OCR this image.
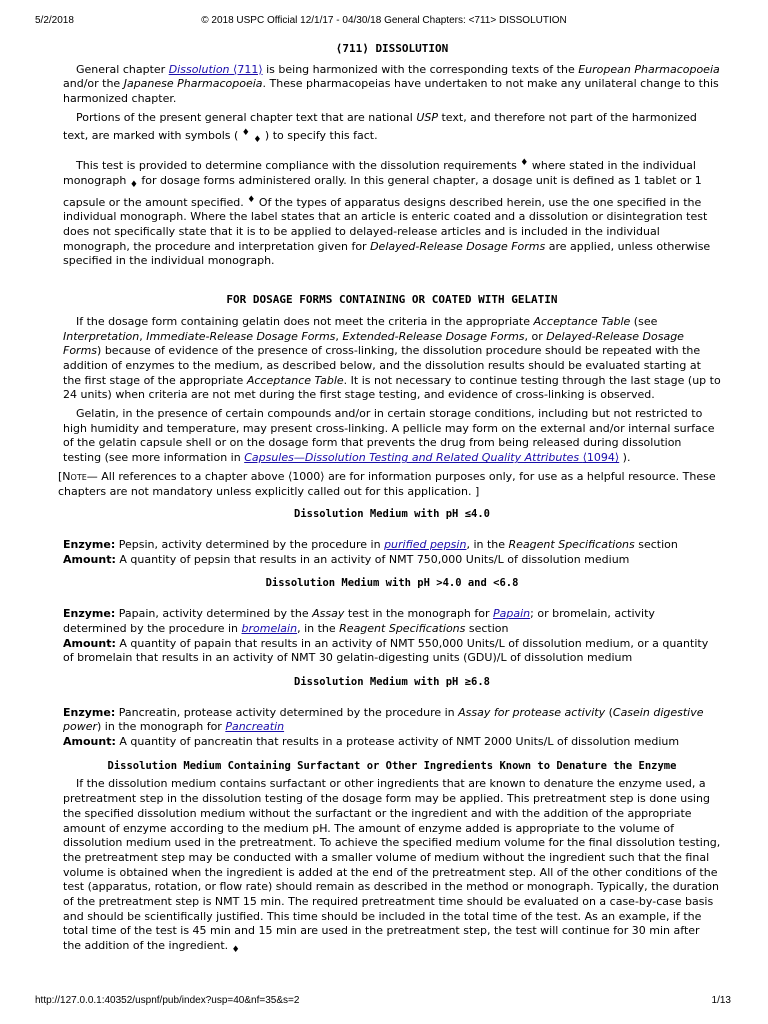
5/2/2018	© 2018 USPC Official 12/1/17 - 04/30/18 General Chapters: <711> DISSOLUTION
⟨711⟩ DISSOLUTION

General chapter Dissolution ⟨711⟩ is being harmonized with the corresponding texts of the European Pharmacopoeia and/or the Japanese Pharmacopoeia. These pharmacopeias have undertaken to not make any unilateral change to this harmonized chapter.

Portions of the present general chapter text that are national USP text, and therefore not part of the harmonized text, are marked with symbols ( ♦ $_♦$ ) to specify this fact.

This test is provided to determine compliance with the dissolution requirements ♦ where stated in the individual monograph $_♦$ for dosage forms administered orally. In this general chapter, a dosage unit is defined as 1 tablet or 1 capsule or the amount specified. ♦ Of the types of apparatus designs described herein, use the one specified in the individual monograph. Where the label states that an article is enteric coated and a dissolution or disintegration test does not specifically state that it is to be applied to delayed-release articles and is included in the individual monograph, the procedure and interpretation given for Delayed-Release Dosage Forms are applied, unless otherwise specified in the individual monograph.

FOR DOSAGE FORMS CONTAINING OR COATED WITH GELATIN

If the dosage form containing gelatin does not meet the criteria in the appropriate Acceptance Table (see Interpretation, Immediate-Release Dosage Forms, Extended-Release Dosage Forms, or Delayed-Release Dosage Forms) because of evidence of the presence of cross-linking, the dissolution procedure should be repeated with the addition of enzymes to the medium, as described below, and the dissolution results should be evaluated starting at the first stage of the appropriate Acceptance Table. It is not necessary to continue testing through the last stage (up to 24 units) when criteria are not met during the first stage testing, and evidence of cross-linking is observed.

Gelatin, in the presence of certain compounds and/or in certain storage conditions, including but not restricted to high humidity and temperature, may present cross-linking. A pellicle may form on the external and/or internal surface of the gelatin capsule shell or on the dosage form that prevents the drug from being released during dissolution testing (see more information in Capsules—Dissolution Testing and Related Quality Attributes ⟨1094⟩ ).

[Note— All references to a chapter above ⟨1000⟩ are for information purposes only, for use as a helpful resource. These chapters are not mandatory unless explicitly called out for this application. ]

Dissolution Medium with pH ≤4.0

Enzyme: Pepsin, activity determined by the procedure in purified pepsin, in the Reagent Specifications section

Amount: A quantity of pepsin that results in an activity of NMT 750,000 Units/L of dissolution medium

Dissolution Medium with pH >4.0 and <6.8

Enzyme: Papain, activity determined by the Assay test in the monograph for Papain; or bromelain, activity determined by the procedure in bromelain, in the Reagent Specifications section

Amount: A quantity of papain that results in an activity of NMT 550,000 Units/L of dissolution medium, or a quantity of bromelain that results in an activity of NMT 30 gelatin-digesting units (GDU)/L of dissolution medium

Dissolution Medium with pH ≥6.8

Enzyme: Pancreatin, protease activity determined by the procedure in Assay for protease activity (Casein digestive power) in the monograph for Pancreatin

Amount: A quantity of pancreatin that results in a protease activity of NMT 2000 Units/L of dissolution medium

Dissolution Medium Containing Surfactant or Other Ingredients Known to Denature the Enzyme

If the dissolution medium contains surfactant or other ingredients that are known to denature the enzyme used, a pretreatment step in the dissolution testing of the dosage form may be applied. This pretreatment step is done using the specified dissolution medium without the surfactant or the ingredient and with the addition of the appropriate amount of enzyme according to the medium pH. The amount of enzyme added is appropriate to the volume of dissolution medium used in the pretreatment. To achieve the specified medium volume for the final dissolution testing, the pretreatment step may be conducted with a smaller volume of medium without the ingredient such that the final volume is obtained when the ingredient is added at the end of the pretreatment step. All of the other conditions of the test (apparatus, rotation, or flow rate) should remain as described in the method or monograph. Typically, the duration of the pretreatment step is NMT 15 min. The required pretreatment time should be evaluated on a case-by-case basis and should be scientifically justified. This time should be included in the total time of the test. As an example, if the total time of the test is 45 min and 15 min are used in the pretreatment step, the test will continue for 30 min after the addition of the ingredient. $_♦$

http://127.0.0.1:40352/uspnf/pub/index?usp=40&nf=35&s=2	1/13
